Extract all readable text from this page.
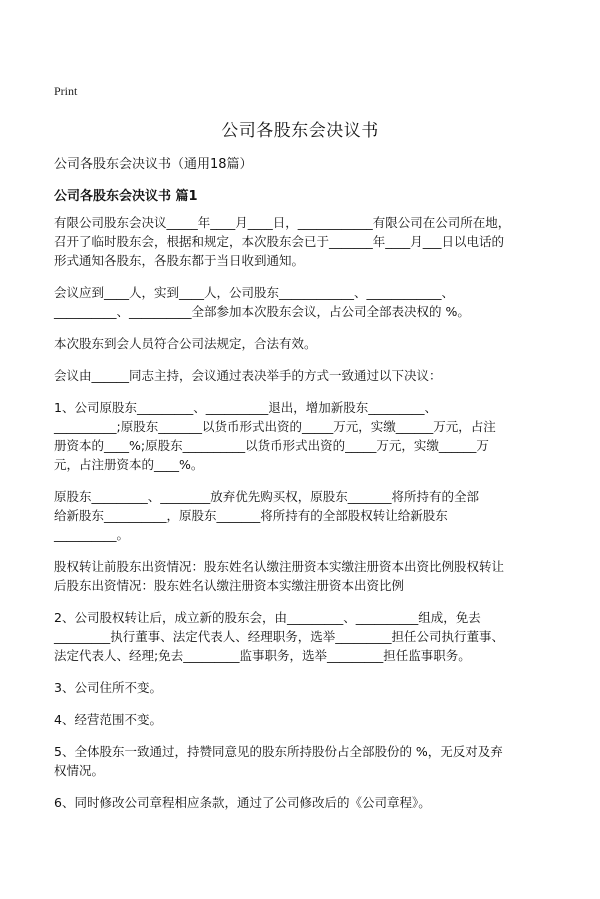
Print
公司各股东会决议书
公司各股东会决议书（通用18篇）
公司各股东会决议书 篇1

有限公司股东会决议_____年____月____日，____________有限公司在公司所在地，
召开了临时股东会，根据和规定，本次股东会已于_______年____月___日以电话的
形式通知各股东，各股东都于当日收到通知。

会议应到____人，实到____人，公司股东____________、____________、
__________、__________全部参加本次股东会议，占公司全部表决权的 %。

本次股东到会人员符合公司法规定，合法有效。

会议由______同志主持，会议通过表决举手的方式一致通过以下决议：

1、公司原股东_________、__________退出，增加新股东_________、
__________;原股东_______以货币形式出资的_____万元，实缴______万元，占注
册资本的____%;原股东__________以货币形式出资的_____万元，实缴______万
元，占注册资本的____%。

原股东_________、________放弃优先购买权，原股东_______将所持有的全部
给新股东__________，原股东_______将所持有的全部股权转让给新股东
__________。

股权转让前股东出资情况：股东姓名认缴注册资本实缴注册资本出资比例股权转让
后股东出资情况：股东姓名认缴注册资本实缴注册资本出资比例

2、公司股权转让后，成立新的股东会，由_________、__________组成，免去
_________执行董事、法定代表人、经理职务，选举_________担任公司执行董事、
法定代表人、经理;免去_________监事职务，选举_________担任监事职务。

3、公司住所不变。

4、经营范围不变。

5、全体股东一致通过，持赞同意见的股东所持股份占全部股份的 %，无反对及弃
权情况。

6、同时修改公司章程相应条款，通过了公司修改后的《公司章程》。
